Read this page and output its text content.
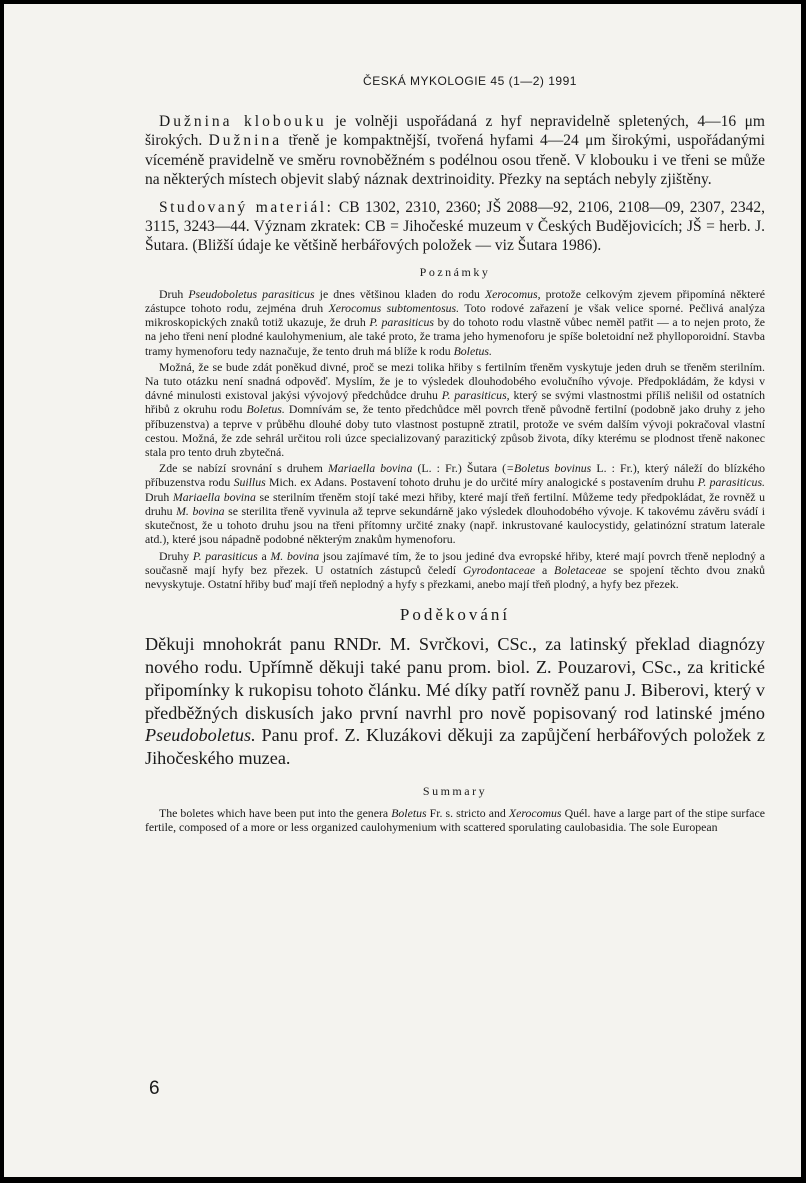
ČESKÁ MYKOLOGIE 45 (1—2) 1991

Dužnina klobouku je volněji uspořádaná z hyf nepravidelně spletených, 4—16 μm širokých. Dužnina třeně je kompaktnější, tvořená hyfami 4—24 μm širokými, uspořádanými víceméně pravidelně ve směru rovnoběžném s podélnou osou třeně. V klobouku i ve třeni se může na některých místech objevit slabý náznak dextrinoidity. Přezky na septách nebyly zjištěny.

Studovaný materiál: CB 1302, 2310, 2360; JŠ 2088—92, 2106, 2108—09, 2307, 2342, 3115, 3243—44. Význam zkratek: CB = Jihočeské muzeum v Českých Budějovicích; JŠ = herb. J. Šutara. (Bližší údaje ke většině herbářových položek — viz Šutara 1986).

Poznámky

Druh Pseudoboletus parasiticus je dnes většinou kladen do rodu Xerocomus, protože celkovým zjevem připomíná některé zástupce tohoto rodu, zejména druh Xerocomus subtomentosus. Toto rodové zařazení je však velice sporné. Pečlivá analýza mikroskopických znaků totiž ukazuje, že druh P. parasiticus by do tohoto rodu vlastně vůbec neměl patřit — a to nejen proto, že na jeho třeni není plodné kaulohymenium, ale také proto, že trama jeho hymenoforu je spíše boletoidní než phylloporoidní. Stavba tramy hymenoforu tedy naznačuje, že tento druh má blíže k rodu Boletus.

Možná, že se bude zdát poněkud divné, proč se mezi tolika hřiby s fertilním třeněm vyskytuje jeden druh se třeněm sterilním. Na tuto otázku není snadná odpověď. Myslím, že je to výsledek dlouhodobého evolučního vývoje. Předpokládám, že kdysi v dávné minulosti existoval jakýsi vývojový předchůdce druhu P. parasiticus, který se svými vlastnostmi příliš nelišil od ostatních hřibů z okruhu rodu Boletus. Domnívám se, že tento předchůdce měl povrch třeně původně fertilní (podobně jako druhy z jeho příbuzenstva) a teprve v průběhu dlouhé doby tuto vlastnost postupně ztratil, protože ve svém dalším vývoji pokračoval vlastní cestou. Možná, že zde sehrál určitou roli úzce specializovaný parazitický způsob života, díky kterému se plodnost třeně nakonec stala pro tento druh zbytečná.

Zde se nabízí srovnání s druhem Mariaella bovina (L. : Fr.) Šutara (=Boletus bovinus L. : Fr.), který náleží do blízkého příbuzenstva rodu Suillus Mich. ex Adans. Postavení tohoto druhu je do určité míry analogické s postavením druhu P. parasiticus. Druh Mariaella bovina se sterilním třeněm stojí také mezi hřiby, které mají třeň fertilní. Můžeme tedy předpokládat, že rovněž u druhu M. bovina se sterilita třeně vyvinula až teprve sekundárně jako výsledek dlouhodobého vývoje. K takovému závěru svádí i skutečnost, že u tohoto druhu jsou na třeni přítomny určité znaky (např. inkrustované kaulocystidy, gelatinózní stratum laterale atd.), které jsou nápadně podobné některým znakům hymenoforu.

Druhy P. parasiticus a M. bovina jsou zajímavé tím, že to jsou jediné dva evropské hřiby, které mají povrch třeně neplodný a současně mají hyfy bez přezek. U ostatních zástupců čeledí Gyrodontaceae a Boletaceae se spojení těchto dvou znaků nevyskytuje. Ostatní hřiby buď mají třeň neplodný a hyfy s přezkami, anebo mají třeň plodný, a hyfy bez přezek.

Poděkování

Děkuji mnohokrát panu RNDr. M. Svrčkovi, CSc., za latinský překlad diagnózy nového rodu. Upřímně děkuji také panu prom. biol. Z. Pouzarovi, CSc., za kritické připomínky k rukopisu tohoto článku. Mé díky patří rovněž panu J. Biberovi, který v předběžných diskusích jako první navrhl pro nově popisovaný rod latinské jméno Pseudoboletus. Panu prof. Z. Kluzákovi děkuji za zapůjčení herbářových položek z Jihočeského muzea.

Summary

The boletes which have been put into the genera Boletus Fr. s. stricto and Xerocomus Quél. have a large part of the stipe surface fertile, composed of a more or less organized caulohymenium with scattered sporulating caulobasidia. The sole European

6
